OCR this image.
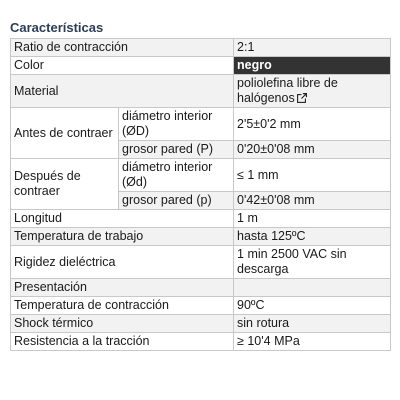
Características
Ratio de contracción		2:1
Color		negro
Material		poliolefina libre de halógenos
Antes de contraer	diámetro interior (ØD)	2'5±0'2 mm
	grosor pared (P)	0'20±0'08 mm
Después de contraer	diámetro interior (Ød)	≤ 1 mm
	grosor pared (p)	0'42±0'08 mm
Longitud		1 m
Temperatura de trabajo		hasta 125ºC
Rigidez dieléctrica		1 min 2500 VAC sin descarga
Presentación		
Temperatura de contracción		90ºC
Shock térmico		sin rotura
Resistencia a la tracción		≥ 10'4 MPa
